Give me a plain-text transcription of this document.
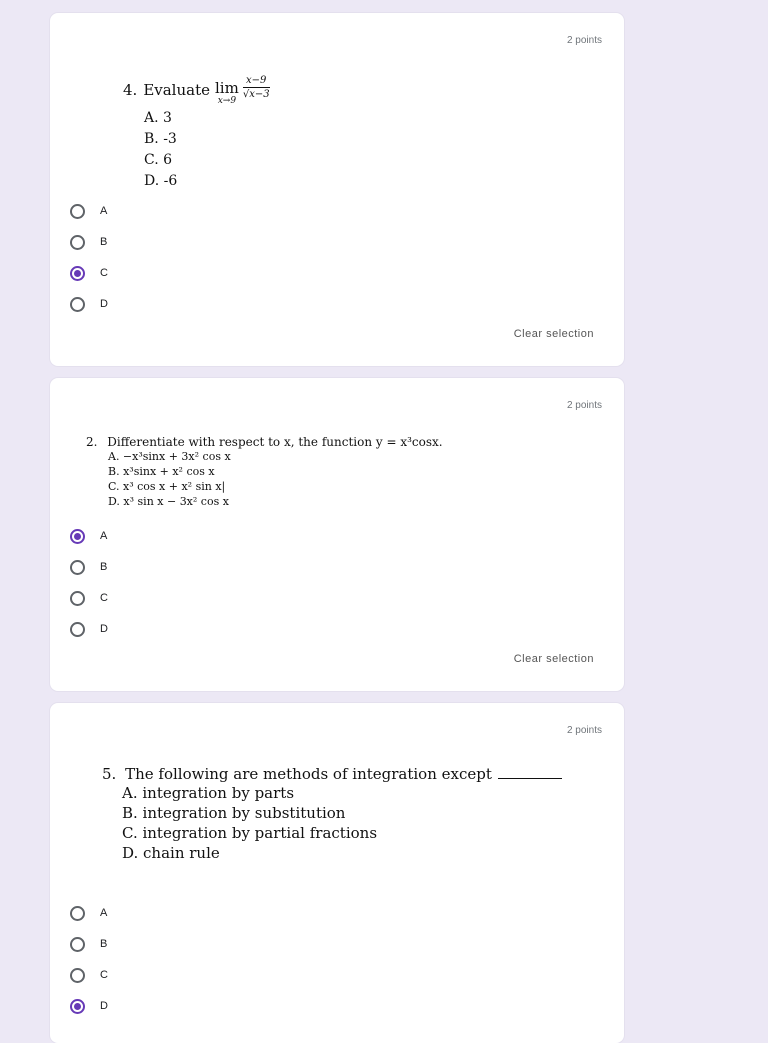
2 points
4. Evaluate lim
x→9
$\frac{x-9}{√x-3}$
A. 3
B. -3
C. 6
D. -6
A
B
C
D
Clear selection
2 points
2. Differentiate with respect to x, the function y = x³cosx.
A. −x³sinx + 3x² cos x
B. x³sinx + x² cos x
C. x³ cos x + x² sin x|
D. x³ sin x − 3x² cos x
A
B
C
D
Clear selection
2 points
5. The following are methods of integration except
A. integration by parts
B. integration by substitution
C. integration by partial fractions
D. chain rule
A
B
C
D
